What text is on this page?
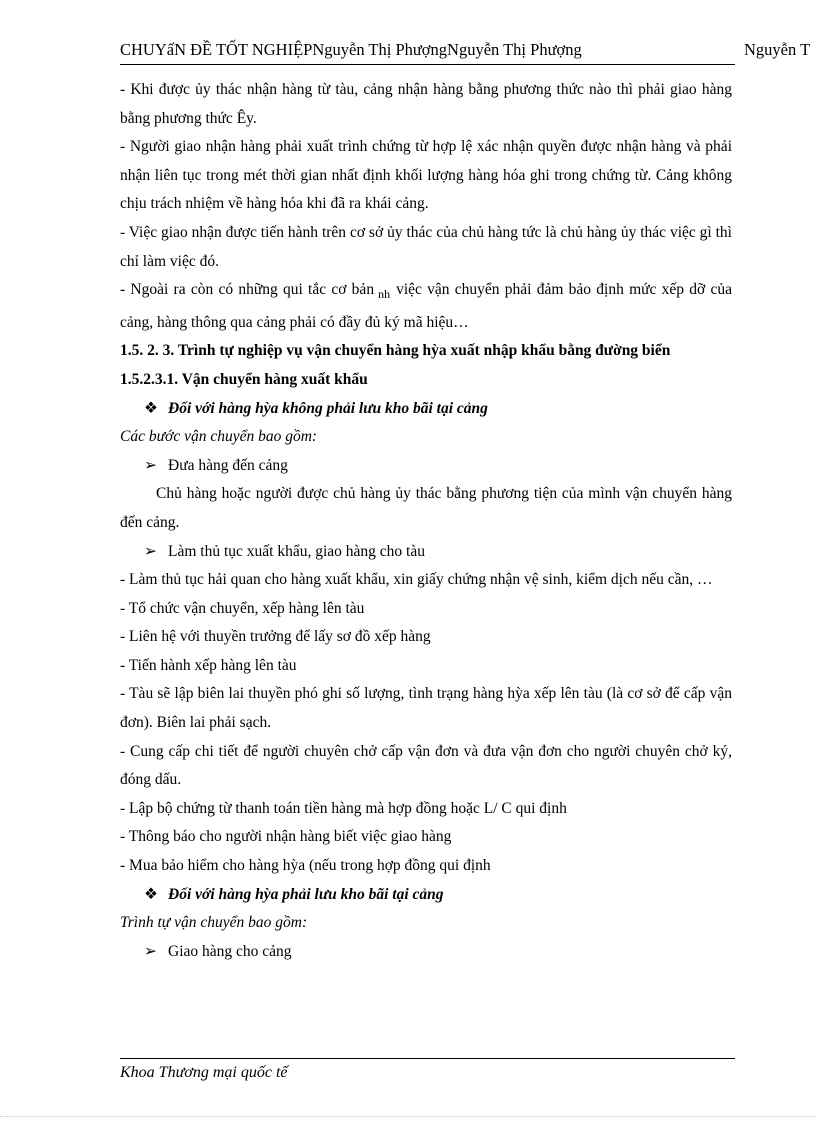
CHUYấN ĐỀ TỐT NGHIỆPNguyễn Thị PhượngNguyễn Thị Phượng	Nguyễn T

- Khi được ủy thác nhận hàng từ tàu, cảng nhận hàng bằng phương thức nào thì phải giao hàng bằng phương thức Êy.

- Người giao nhận hàng phải xuất trình chứng từ hợp lệ xác nhận quyền được nhận hàng và phải nhận liên tục trong mét thời gian nhất định khối lượng hàng hóa ghi trong chứng từ. Cảng không chịu trách nhiệm về hàng hóa khi đã ra khái cảng.

- Việc giao nhận được tiến hành trên cơ sở ủy thác của chủ hàng tức là chủ hàng ủy thác việc gì thì chỉ làm việc đó.

- Ngoài ra còn có những qui tắc cơ bản $_{nh}$ việc vận chuyển phải đảm bảo định mức xếp dỡ của cảng, hàng thông qua cảng phải có đầy đủ ký mã hiệu…

1.5. 2. 3. Trình tự nghiệp vụ vận chuyển hàng hỳa xuất nhập khẩu bằng đường biển

1.5.2.3.1. Vận chuyển hàng xuất khẩu

❖ Đối với hàng hỳa không phải lưu kho bãi tại cảng

Các bước vận chuyển bao gồm:

➢ Đưa hàng đến cảng

Chủ hàng hoặc người được chủ hàng ủy thác bằng phương tiện của mình vận chuyển hàng đến cảng.

➢ Làm thủ tục xuất khẩu, giao hàng cho tàu

- Làm thủ tục hải quan cho hàng xuất khẩu, xin giấy chứng nhận vệ sinh, kiểm dịch nếu cần, …

- Tổ chức vận chuyển, xếp hàng lên tàu

- Liên hệ với thuyền trưởng để lấy sơ đồ xếp hàng

- Tiến hành xếp hàng lên tàu

- Tàu sẽ lập biên lai thuyền phó ghi số lượng, tình trạng hàng hỳa xếp lên tàu (là cơ sở để cấp vận đơn). Biên lai phải sạch.

- Cung cấp chi tiết để người chuyên chở cấp vận đơn và đưa vận đơn cho người chuyên chở ký, đóng dấu.

- Lập bộ chứng từ thanh toán tiền hàng mà hợp đồng hoặc L/ C qui định

- Thông báo cho người nhận hàng biết việc giao hàng

- Mua bảo hiểm cho hàng hỳa (nếu trong hợp đồng qui định

❖ Đối với hàng hỳa phải lưu kho bãi tại cảng

Trình tự vận chuyển bao gồm:

➢ Giao hàng cho cảng

Khoa Thương mại quốc tế
